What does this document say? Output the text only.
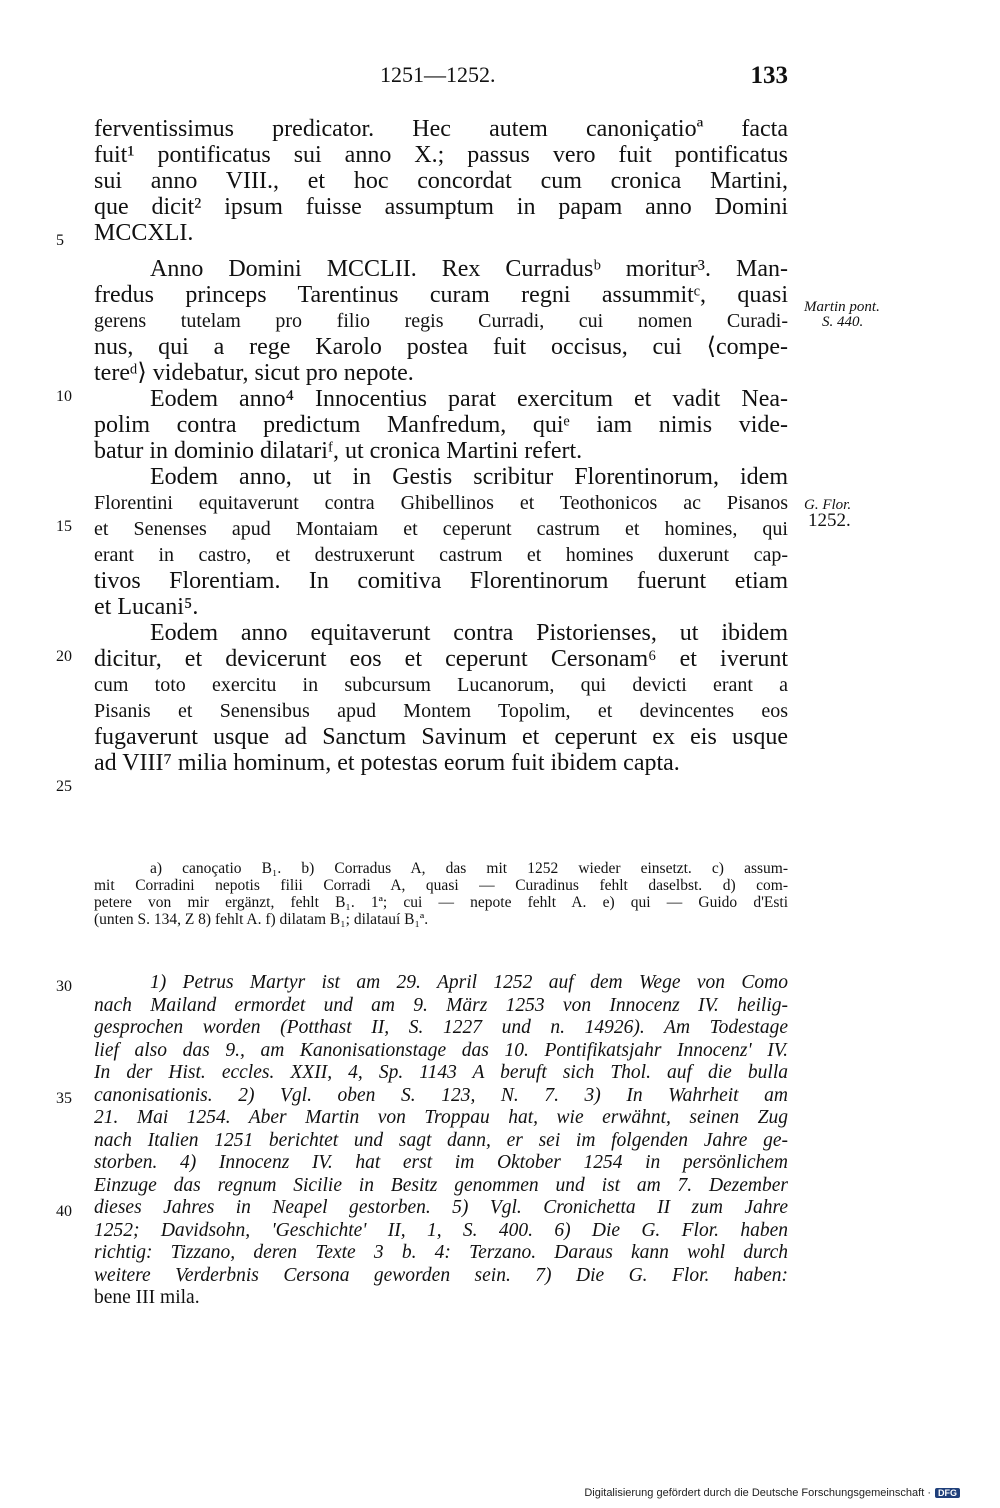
1251—1252.	133
ferventissimus predicator. Hec autem canoniçatioª facta
fuit¹ pontificatus sui anno X.; passus vero fuit pontificatus
sui anno VIII., et hoc concordat cum cronica Martini,
que dicit² ipsum fuisse assumptum in papam anno Domini
MCCXLI.
Anno Domini MCCLII. Rex Curradusᵇ moritur³. Man-
fredus princeps Tarentinus curam regni assummitᶜ, quasi
gerens tutelam pro filio regis Curradi, cui nomen Curadi-
nus, qui a rege Karolo postea fuit occisus, cui ⟨compe-
tereᵈ⟩ videbatur, sicut pro nepote.
Eodem anno⁴ Innocentius parat exercitum et vadit Nea-
polim contra predictum Manfredum, quiᵉ iam nimis vide-
batur in dominio dilatariᶠ, ut cronica Martini refert.
Eodem anno, ut in Gestis scribitur Florentinorum, idem
Florentini equitaverunt contra Ghibellinos et Teothonicos ac Pisanos
et Senenses apud Montaiam et ceperunt castrum et homines, qui
erant in castro, et destruxerunt castrum et homines duxerunt cap-
tivos Florentiam. In comitiva Florentinorum fuerunt etiam
et Lucani⁵.
Eodem anno equitaverunt contra Pistorienses, ut ibidem
dicitur, et devicerunt eos et ceperunt Cersonam⁶ et iverunt
cum toto exercitu in subcursum Lucanorum, qui devicti erant a
Pisanis et Senensibus apud Montem Topolim, et devincentes eos
fugaverunt usque ad Sanctum Savinum et ceperunt ex eis usque
ad VIII⁷ milia hominum, et potestas eorum fuit ibidem capta.
5
10
15
20
25
Martin pont.
S. 440.
G. Flor.
1252.
a) canoçatio B₁. b) Corradus A, das mit 1252 wieder einsetzt. c) assum-
mit Corradini nepotis filii Corradi A, quasi — Curadinus fehlt daselbst. d) com-
petere von mir ergänzt, fehlt B₁. 1ª; cui — nepote fehlt A. e) qui — Guido d'Esti
(unten S. 134, Z 8) fehlt A. f) dilatam B₁; dilatauí B₁ª.
1) Petrus Martyr ist am 29. April 1252 auf dem Wege von Como
nach Mailand ermordet und am 9. März 1253 von Innocenz IV. heilig-
gesprochen worden (Potthast II, S. 1227 und n. 14926). Am Todestage
lief also das 9., am Kanonisationstage das 10. Pontifikatsjahr Innocenz' IV.
In der Hist. eccles. XXII, 4, Sp. 1143 A beruft sich Thol. auf die bulla
canonisationis. 2) Vgl. oben S. 123, N. 7. 3) In Wahrheit am
21. Mai 1254. Aber Martin von Troppau hat, wie erwähnt, seinen Zug
nach Italien 1251 berichtet und sagt dann, er sei im folgenden Jahre ge-
storben. 4) Innocenz IV. hat erst im Oktober 1254 in persönlichem
Einzuge das regnum Sicilie in Besitz genommen und ist am 7. Dezember
dieses Jahres in Neapel gestorben. 5) Vgl. Cronichetta II zum Jahre
1252; Davidsohn, 'Geschichte' II, 1, S. 400. 6) Die G. Flor. haben
richtig: Tizzano, deren Texte 3 b. 4: Terzano. Daraus kann wohl durch
weitere Verderbnis Cersona geworden sein. 7) Die G. Flor. haben:
bene III mila.
30
35
40
Digitalisierung gefördert durch die Deutsche Forschungsgemeinschaft · DFG
